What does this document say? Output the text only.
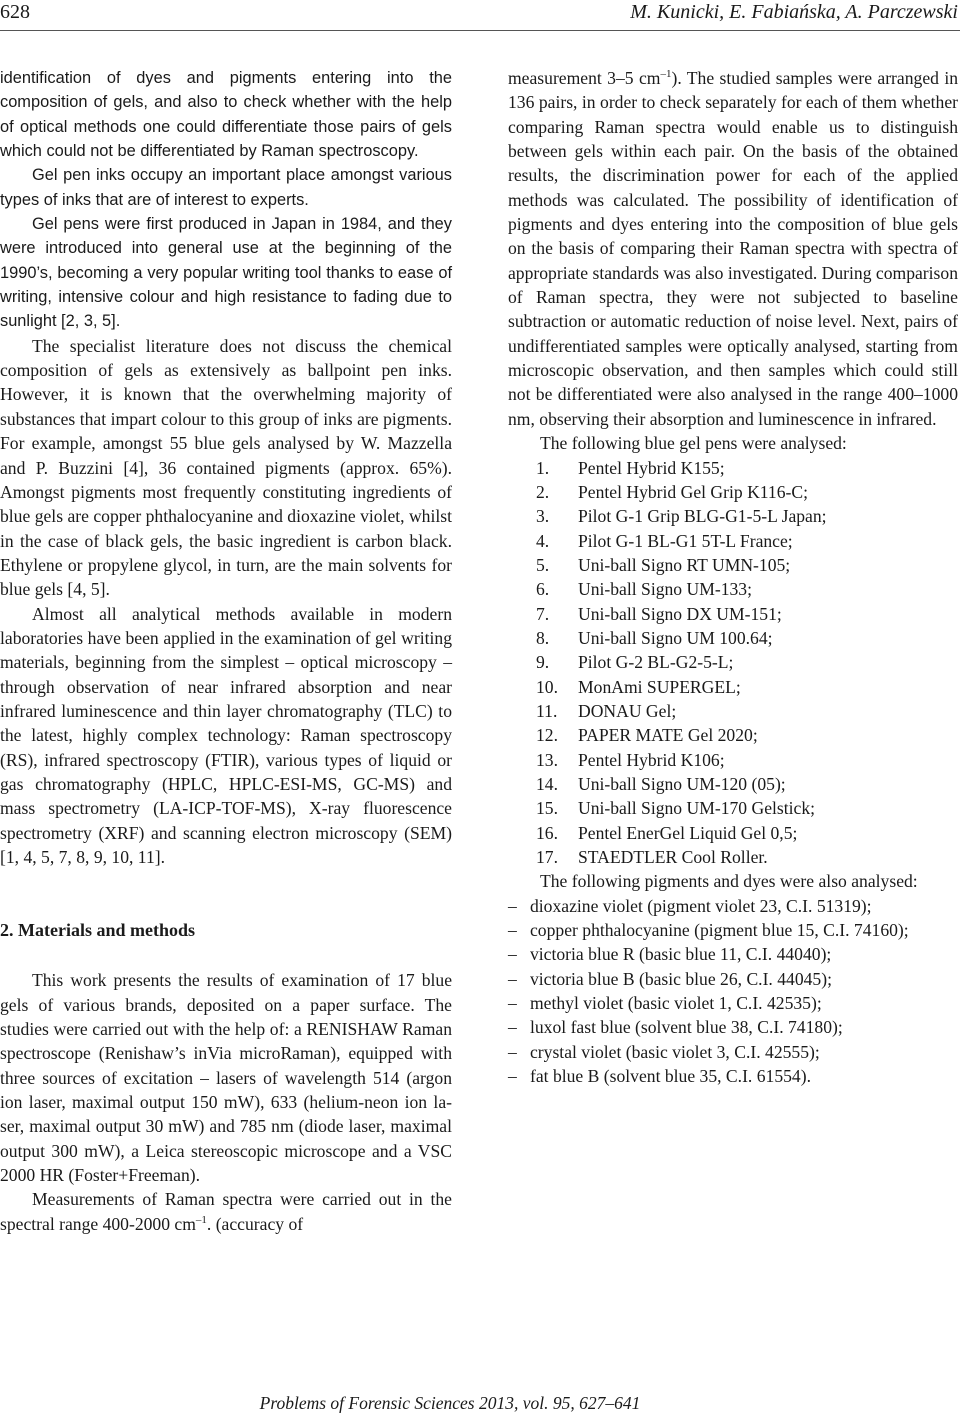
628	M. Kunicki, E. Fabiańska, A. Parczewski

identification of dyes and pigments entering into the composition of gels, and also to check whether with the help of optical methods one could differentiate those pairs of gels which could not be differentiated by Raman spectroscopy.

Gel pen inks occupy an important place amongst various types of inks that are of interest to experts.

Gel pens were first produced in Japan in 1984, and they were introduced into general use at the beginning of the 1990’s, becoming a very popular writing tool thanks to ease of writing, intensive colour and high resistance to fading due to sunlight [2, 3, 5].

The specialist literature does not discuss the chemical composition of gels as extensively as ballpoint pen inks. However, it is known that the overwhelming majority of substances that impart colour to this group of inks are pigments. For example, amongst 55 blue gels analysed by W. Mazzella and P. Buzzini [4], 36 contained pigments (approx. 65%). Amongst pigments most frequently constituting ingredients of blue gels are copper phthalocyanine and dioxazine violet, whilst in the case of black gels, the basic ingredient is carbon black. Ethylene or propylene glycol, in turn, are the main solvents for blue gels [4, 5].

Almost all analytical methods available in modern laboratories have been applied in the examination of gel writing materials, beginning from the simplest – optical microscopy – through observation of near infrared absorption and near infrared luminescence and thin layer chromatography (TLC) to the latest, highly complex technology: Raman spectroscopy (RS), infrared spectroscopy (FTIR), various types of liquid or gas chromatography (HPLC, HPLC-ESI-MS, GC-MS) and mass spectrometry (LA-ICP-TOF-MS), X-ray fluorescence spectrometry (XRF) and scanning electron microscopy (SEM) [1, 4, 5, 7, 8, 9, 10, 11].

2. Materials and methods

This work presents the results of examination of 17 blue gels of various brands, deposited on a paper surface. The studies were carried out with the help of: a RENISHAW Raman spectroscope (Renishaw’s inVia microRaman), equipped with three sources of excitation – lasers of wavelength 514 (argon ion laser, maximal output 150 mW), 633 (helium-neon ion laser, maximal output 30 mW) and 785 nm (diode laser, maximal output 300 mW), a Leica stereoscopic microscope and a VSC 2000 HR (Foster+Freeman).

Measurements of Raman spectra were carried out in the spectral range 400-2000 $cm^{-1}$. (accuracy of

measurement 3–5 $cm^{-1}$). The studied samples were arranged in 136 pairs, in order to check separately for each of them whether comparing Raman spectra would enable us to distinguish between gels within each pair. On the basis of the obtained results, the discrimination power for each of the applied methods was calculated. The possibility of identification of pigments and dyes entering into the composition of blue gels on the basis of comparing their Raman spectra with spectra of appropriate standards was also investigated. During comparison of Raman spectra, they were not subjected to baseline subtraction or automatic reduction of noise level. Next, pairs of undifferentiated samples were optically analysed, starting from microscopic observation, and then samples which could still not be differentiated were also analysed in the range 400–1000 nm, observing their absorption and luminescence in infrared.

The following blue gel pens were analysed:

1. Pentel Hybrid K155;
2. Pentel Hybrid Gel Grip K116-C;
3. Pilot G-1 Grip BLG-G1-5-L Japan;
4. Pilot G-1 BL-G1 5T-L France;
5. Uni-ball Signo RT UMN-105;
6. Uni-ball Signo UM-133;
7. Uni-ball Signo DX UM-151;
8. Uni-ball Signo UM 100.64;
9. Pilot G-2 BL-G2-5-L;
10. MonAmi SUPERGEL;
11. DONAU Gel;
12. PAPER MATE Gel 2020;
13. Pentel Hybrid K106;
14. Uni-ball Signo UM-120 (05);
15. Uni-ball Signo UM-170 Gelstick;
16. Pentel EnerGel Liquid Gel 0,5;
17. STAEDTLER Cool Roller.

The following pigments and dyes were also analysed:

– dioxazine violet (pigment violet 23, C.I. 51319);
– copper phthalocyanine (pigment blue 15, C.I. 74160);
– victoria blue R (basic blue 11, C.I. 44040);
– victoria blue B (basic blue 26, C.I. 44045);
– methyl violet (basic violet 1, C.I. 42535);
– luxol fast blue (solvent blue 38, C.I. 74180);
– crystal violet (basic violet 3, C.I. 42555);
– fat blue B (solvent blue 35, C.I. 61554).
Problems of Forensic Sciences 2013, vol. 95, 627–641
